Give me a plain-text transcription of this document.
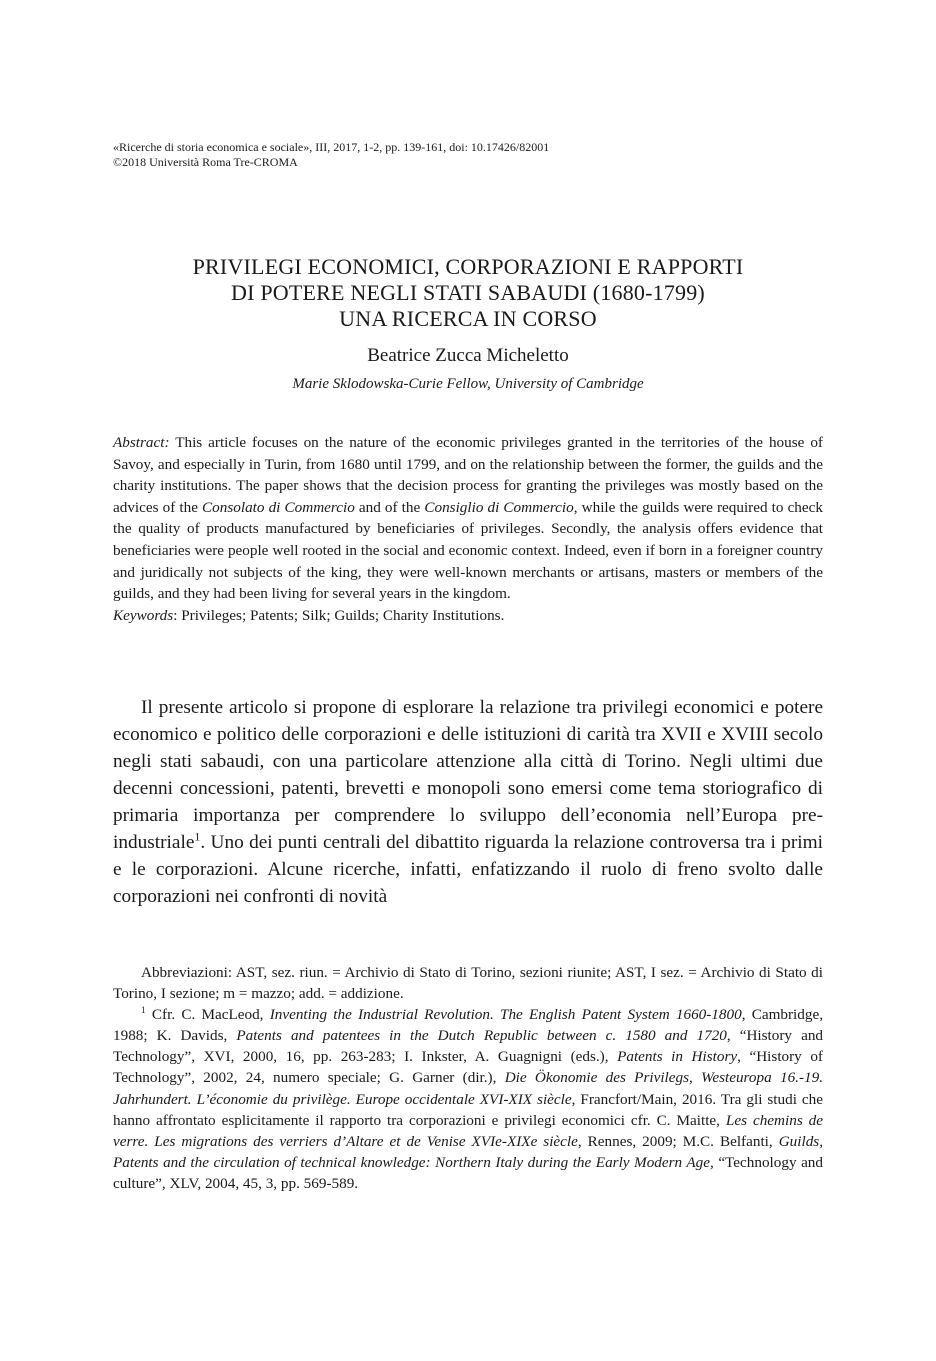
«Ricerche di storia economica e sociale», III, 2017, 1-2, pp. 139-161, doi: 10.17426/82001
©2018 Università Roma Tre-CROMA
PRIVILEGI ECONOMICI, CORPORAZIONI E RAPPORTI
DI POTERE NEGLI STATI SABAUDI (1680-1799)
UNA RICERCA IN CORSO
Beatrice Zucca Micheletto
Marie Sklodowska-Curie Fellow, University of Cambridge

Abstract: This article focuses on the nature of the economic privileges granted in the territories of the house of Savoy, and especially in Turin, from 1680 until 1799, and on the relationship between the former, the guilds and the charity institutions. The paper shows that the decision process for granting the privileges was mostly based on the advices of the Consolato di Commercio and of the Consiglio di Commercio, while the guilds were required to check the quality of products manufactured by beneficiaries of privileges. Secondly, the analysis offers evidence that beneficiaries were people well rooted in the social and economic context. Indeed, even if born in a foreigner country and juridically not subjects of the king, they were well-known merchants or artisans, masters or members of the guilds, and they had been living for several years in the kingdom.

Keywords: Privileges; Patents; Silk; Guilds; Charity Institutions.

Il presente articolo si propone di esplorare la relazione tra privilegi economici e potere economico e politico delle corporazioni e delle istituzioni di carità tra XVII e XVIII secolo negli stati sabaudi, con una particolare attenzione alla città di Torino. Negli ultimi due decenni concessioni, patenti, brevetti e monopoli sono emersi come tema storiografico di primaria importanza per comprendere lo sviluppo dell’economia nell’Europa pre-industriale$^1$. Uno dei punti centrali del dibattito riguarda la relazione controversa tra i primi e le corporazioni. Alcune ricerche, infatti, enfatizzando il ruolo di freno svolto dalle corporazioni nei confronti di novità

Abbreviazioni: AST, sez. riun. = Archivio di Stato di Torino, sezioni riunite; AST, I sez. = Archivio di Stato di Torino, I sezione; m = mazzo; add. = addizione.

$^1$ Cfr. C. MacLeod, Inventing the Industrial Revolution. The English Patent System 1660-1800, Cambridge, 1988; K. Davids, Patents and patentees in the Dutch Republic between c. 1580 and 1720, “History and Technology”, XVI, 2000, 16, pp. 263-283; I. Inkster, A. Guagnigni (eds.), Patents in History, “History of Technology”, 2002, 24, numero speciale; G. Garner (dir.), Die Ökonomie des Privilegs, Westeuropa 16.-19. Jahrhundert. L’économie du privilège. Europe occidentale XVI-XIX siècle, Francfort/Main, 2016. Tra gli studi che hanno affrontato esplicitamente il rapporto tra corporazioni e privilegi economici cfr. C. Maitte, Les chemins de verre. Les migrations des verriers d’Altare et de Venise XVIe-XIXe siècle, Rennes, 2009; M.C. Belfanti, Guilds, Patents and the circulation of technical knowledge: Northern Italy during the Early Modern Age, “Technology and culture”, XLV, 2004, 45, 3, pp. 569-589.
